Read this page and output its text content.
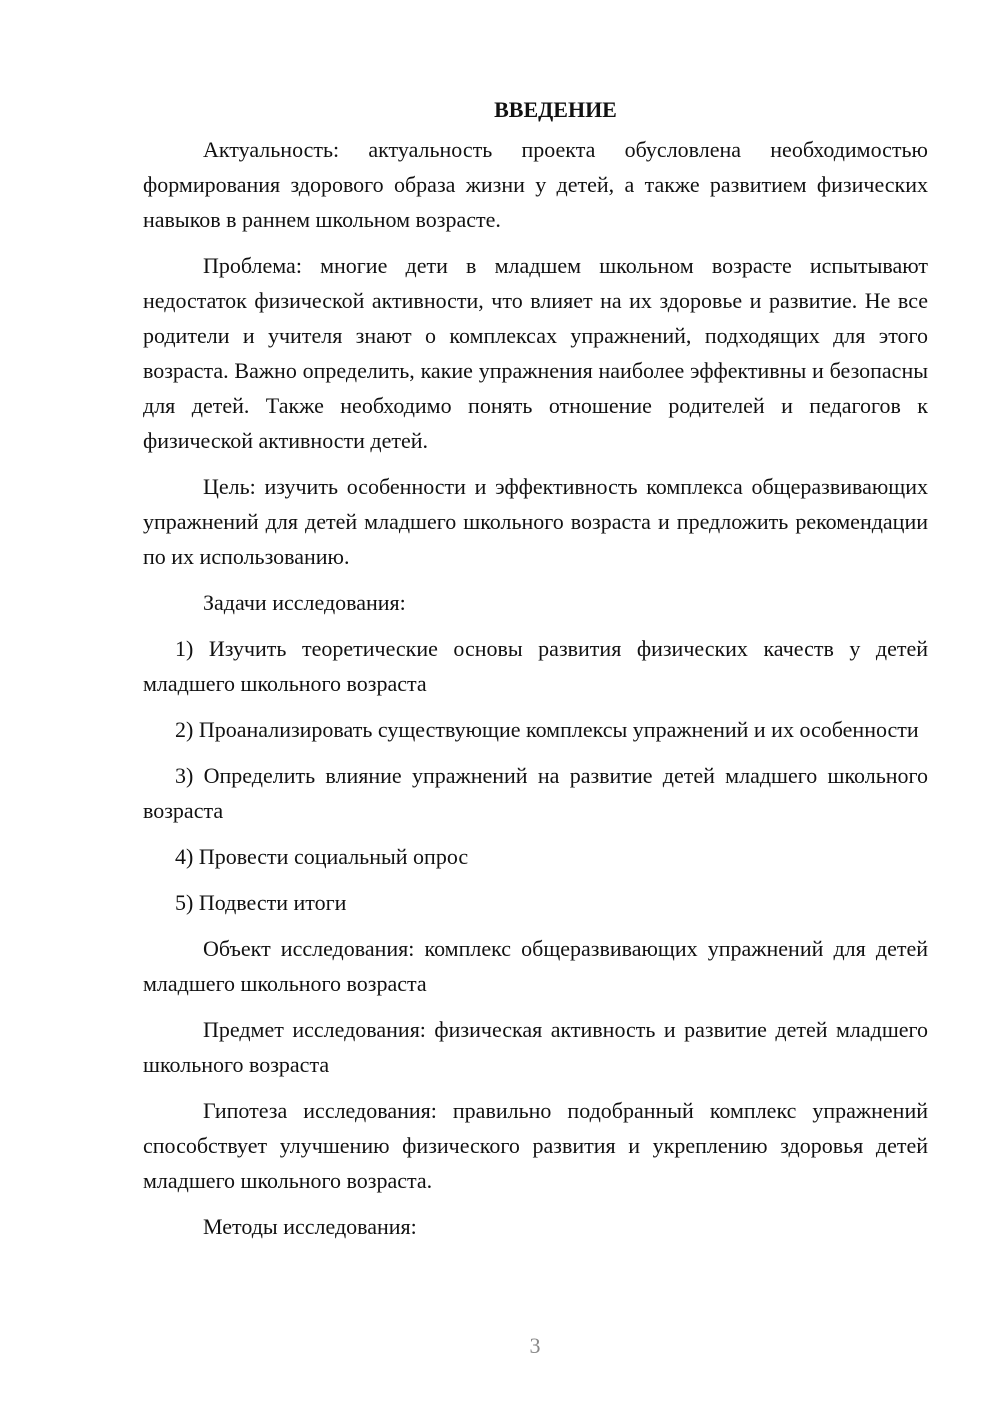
ВВЕДЕНИЕ

Актуальность: актуальность проекта обусловлена необходимостью формирования здорового образа жизни у детей, а также развитием физических навыков в раннем школьном возрасте.

Проблема: многие дети в младшем школьном возрасте испытывают недостаток физической активности, что влияет на их здоровье и развитие. Не все родители и учителя знают о комплексах упражнений, подходящих для этого возраста. Важно определить, какие упражнения наиболее эффективны и безопасны для детей. Также необходимо понять отношение родителей и педагогов к физической активности детей.

Цель: изучить особенности и эффективность комплекса общеразвивающих упражнений для детей младшего школьного возраста и предложить рекомендации по их использованию.

Задачи исследования:

1) Изучить теоретические основы развития физических качеств у детей младшего школьного возраста

2) Проанализировать существующие комплексы упражнений и их особенности

3) Определить влияние упражнений на развитие детей младшего школьного возраста

4) Провести социальный опрос

5) Подвести итоги

Объект исследования: комплекс общеразвивающих упражнений для детей младшего школьного возраста

Предмет исследования: физическая активность и развитие детей младшего школьного возраста

Гипотеза исследования: правильно подобранный комплекс упражнений способствует улучшению физического развития и укреплению здоровья детей младшего школьного возраста.

Методы исследования:

3
